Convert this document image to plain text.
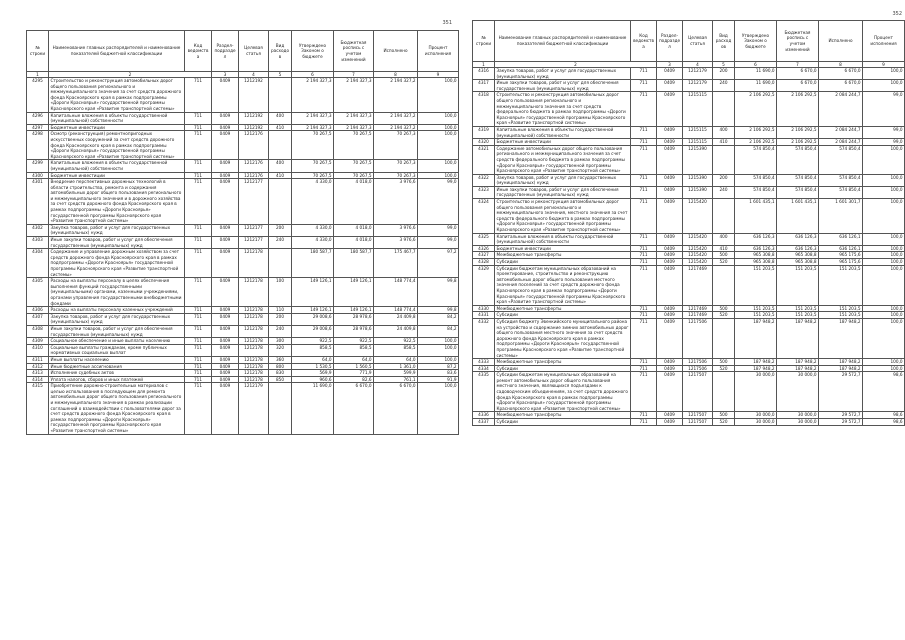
351
№ строки	Наименование главных распорядителей и наименование показателей бюджетной классификации	Код ведомства	Раздел-подраздел	Целевая статья	Вид расходов	Утверждено Законом о бюджете	Бюджетная роспись с учетом изменений	Исполнено	Процент исполнения
1	2		3	4	5	6	7	8	9
4295	Строительство и реконструкция автомобильных дорог общего пользования регионального и межмуниципального значения за счет средств дорожного фонда Красноярского края в рамках подпрограммы «Дороги Красноярья» государственной программы Красноярского края «Развитие транспортной системы»	711	0409	1212192		2 194 327,3	2 194 327,3	2 194 327,2	100,0
4296	Капитальные вложения в объекты государственной (муниципальной) собственности	711	0409	1212192	400	2 194 327,3	2 194 327,3	2 194 327,2	100,0
4297	Бюджетные инвестиции	711	0409	1212192	410	2 194 327,3	2 194 327,3	2 194 327,2	100,0
4298	Осмотр (реконструкция) ремонтнопригодных искусственных сооружений за счет средств дорожного фонда Красноярского края в рамках подпрограммы «Дороги Красноярья» государственной программы Красноярского края «Развитие транспортной системы»	711	0409	1212176		70 267,5	70 267,5	70 267,3	100,0
4299	Капитальные вложения в объекты государственной (муниципальной) собственности	711	0409	1212176	400	70 267,5	70 267,5	70 267,3	100,0
4300	Бюджетные инвестиции	711	0409	1212176	410	70 267,5	70 267,5	70 267,3	100,0
4301	Внедрение перспективных дорожных технологий в области строительства, ремонта и содержания автомобильных дорог общего пользования регионального и межмуниципального значения и в дорожного хозяйства за счет средств дорожного фонда Красноярского края в рамках подпрограммы «Дороги Красноярья» государственной программы Красноярского края «Развитие транспортной системы»	711	0409	1212177		4 330,0	4 018,0	3 976,6	99,0
4302	Закупка товаров, работ и услуг для государственных (муниципальных) нужд	711	0409	1212177	200	4 330,0	4 018,0	3 976,6	99,0
4303	Иные закупки товаров, работ и услуг для обеспечения государственных (муниципальных) нужд	711	0409	1212177	240	4 330,0	4 018,0	3 976,6	99,0
4304	Содержание и управление дорожным хозяйством за счет средств дорожного фонда Красноярского края в рамках подпрограммы «Дороги Красноярья» государственной программы Красноярского края «Развитие транспортной системы»	711	0409	1212178		180 587,7	180 587,7	175 467,7	97,2
4305	Расходы на выплаты персоналу в целях обеспечения выполнения функций государственными (муниципальными) органами, казенными учреждениями, органами управления государственными внебюджетными фондами	711	0409	1212178	100	149 126,1	149 126,1	148 774,4	99,8
4306	Расходы на выплаты персоналу казенных учреждений	711	0409	1212178	110	149 126,1	149 126,1	148 774,4	99,8
4307	Закупка товаров, работ и услуг для государственных (муниципальных) нужд	711	0409	1212178	200	29 008,6	28 978,6	24 409,8	84,2
4308	Иные закупки товаров, работ и услуг для обеспечения государственных (муниципальных) нужд	711	0409	1212178	240	29 008,6	28 978,6	24 409,8	84,2
4309	Социальное обеспечение и иные выплаты населению	711	0409	1212178	300	922,5	922,5	922,5	100,0
4310	Социальные выплаты гражданам, кроме публичных нормативных социальных выплат	711	0409	1212178	320	858,5	858,5	858,5	100,0
4311	Иные выплаты населению	711	0409	1212178	360	64,0	64,0	64,0	100,0
4312	Иные бюджетные ассигнования	711	0409	1212178	800	1 530,5	1 560,5	1 361,0	87,2
4313	Исполнение судебных актов	711	0409	1212178	830	569,9	771,9	599,9	83,6
4314	Уплата налогов, сборов и иных платежей	711	0409	1212178	850	960,6	82,6	761,1	91,9
4315	Приобретение дорожно-строительных материалов с целью использования в последующем для ремонта автомобильных дорог общего пользования регионального и межмуниципального значения в рамках реализации соглашений о взаимодействии с пользователями дорог за счет средств дорожного фонда Красноярского края в рамках подпрограммы «Дороги Красноярья» государственной программы Красноярского края «Развитие транспортной системы»	711	0409	1212179		11 690,0	6 670,0	6 670,0	100,0
352
№ строки	Наименование главных распорядителей и наименование показателей бюджетной классификации	Код ведомства	Раздел-подраздел	Целевая статья	Вид расходов	Утверждено Законом о бюджете	Бюджетная роспись с учетом изменений	Исполнено	Процент исполнения
1	2		3	4	5	6	7	8	9
4316	Закупка товаров, работ и услуг для государственных (муниципальных) нужд	711	0409	1212179	200	11 690,0	6 670,0	6 670,0	100,0
4317	Иные закупки товаров, работ и услуг для обеспечения государственных (муниципальных) нужд	711	0409	1212179	240	11 690,0	6 670,0	6 670,0	100,0
4318	Строительство и реконструкция автомобильных дорог общего пользования регионального и межмуниципального значения за счет средств федерального бюджета в рамках подпрограммы «Дороги Красноярья» государственной программы Красноярского края «Развитие транспортной системы»	711	0409	1215115		2 106 292,5	2 106 292,5	2 084 244,7	99,0
4319	Капитальные вложения в объекты государственной (муниципальной) собственности	711	0409	1215115	400	2 106 292,5	2 106 292,5	2 084 244,7	99,0
4320	Бюджетные инвестиции	711	0409	1215115	410	2 106 292,5	2 106 292,5	2 084 244,7	99,0
4321	Содержание автомобильных дорог общего пользования регионального и межмуниципального значения за счет средств федерального бюджета в рамках подпрограммы «Дороги Красноярья» государственной программы Красноярского края «Развитие транспортной системы»	711	0409	1215390		574 850,4	574 850,4	574 850,4	100,0
4322	Закупка товаров, работ и услуг для государственных (муниципальных) нужд	711	0409	1215390	200	574 850,4	574 850,4	574 850,4	100,0
4323	Иные закупки товаров, работ и услуг для обеспечения государственных (муниципальных) нужд	711	0409	1215390	240	574 850,4	574 850,4	574 850,4	100,0
4324	Строительство и реконструкция автомобильных дорог общего пользования регионального и межмуниципального значения, местного значения за счет средств федерального бюджета в рамках подпрограммы «Дороги Красноярья» государственной программы Красноярского края «Развитие транспортной системы»	711	0409	1215420		1 601 435,1	1 601 435,1	1 601 301,7	100,0
4325	Капитальные вложения в объекты государственной (муниципальной) собственности	711	0409	1215420	400	636 126,3	636 126,3	636 126,1	100,0
4326	Бюджетные инвестиции	711	0409	1215420	410	636 126,3	636 126,3	636 126,1	100,0
4327	Межбюджетные трансферты	711	0409	1215420	500	965 308,8	965 308,8	965 175,6	100,0
4328	Субсидии	711	0409	1215420	520	965 308,8	965 308,8	965 175,6	100,0
4329	Субсидии бюджетам муниципальных образований на проектирование, строительство и реконструкцию автомобильных дорог общего пользования местного значения поселений за счет средств дорожного фонда Красноярского края в рамках подпрограммы «Дороги Красноярья» государственной программы Красноярского края «Развитие транспортной системы»	711	0409	1217469		151 203,5	151 203,5	151 203,5	100,0
4330	Межбюджетные трансферты	711	0409	1217469	500	151 203,5	151 203,5	151 203,5	100,0
4331	Субсидии	711	0409	1217469	520	151 203,5	151 203,5	151 203,5	100,0
4332	Субсидия бюджету Эвенкийского муниципального района на устройство и содержание зимних автомобильных дорог общего пользования местного значения за счет средств дорожного фонда Красноярского края в рамках подпрограммы «Дороги Красноярья» государственной программы Красноярского края «Развитие транспортной системы»	711	0409	1217506		187 948,2	187 948,2	187 948,2	100,0
4333	Межбюджетные трансферты	711	0409	1217506	500	187 948,2	187 948,2	187 948,2	100,0
4334	Субсидии	711	0409	1217506	520	187 948,2	187 948,2	187 948,2	100,0
4335	Субсидии бюджетам муниципальных образований на ремонт автомобильных дорог общего пользования местного значения, являющихся подъездами к садоводческим объединениям, за счет средств дорожного фонда Красноярского края в рамках подпрограммы «Дороги Красноярья» государственной программы Красноярского края «Развитие транспортной системы»	711	0409	1217507		30 000,0	30 000,0	29 572,7	98,6
4336	Межбюджетные трансферты	711	0409	1217507	500	30 000,0	30 000,0	29 572,7	98,6
4337	Субсидии	711	0409	1217507	520	30 000,0	30 000,0	29 572,7	98,6
